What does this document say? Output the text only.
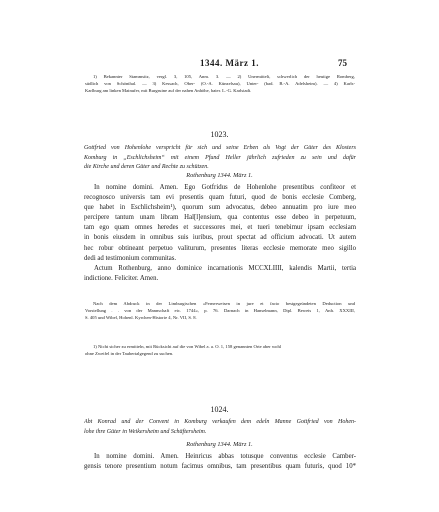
1344. März 1.	75
1) Bekannter Stammsitz, vergl. 3, 105, Anm. 3. — 2) Unermittelt, schwerlich der heutige Romberg,
südlich von Schönthal. — 3) Kessach, Ober- (O.-A. Künzelsau), Unter- (bad. B.-A. Adelsheim). — 4) Karls-
Karlburg am linken Mainufer, mit Burgruine auf der nahen Anhöhe, baier. L.-G. Karlstadt.
1023.
Gottfried von Hohenlohe verspricht für sich und seine Erben als Vogt der Güter des Klosters
Komburg in „Eschlichsheim“ mit einem Pfund Heller jährlich zufrieden zu sein und dafür
die Kirche und deren Güter und Rechte zu schützen.
Rothenburg 1344. März 1.
In nomine domini. Amen. Ego Gotfridus de Hohenlohe presentibus confiteor et
recognosco universis tam evi presentis quam futuri, quod de bonis ecclesie Comberg,
que habet in Eschlichsheim¹), quorum sum advocatus, debeo annuatim pro iure meo
percipere tantum unam libram Hal[l]ensium, qua contentus esse debeo in perpetuum,
tam ego quam omnes heredes et successores mei, et tueri tenebimur ipsam ecclesiam
in bonis eiusdem in omnibus suis iuribus, prout spectat ad officium advocati. Ut autem
hec robur obtineant perpetuo valiturum, presentes literas ecclesie memorate meo sigillo
dedi ad testimonium communitas.
Actum Rothenburg, anno dominice incarnationis MCCXLIIII, kalendis Martii, tertia
indictione. Feliciter. Amen.
Nach dem Abdruck in der Limburgischen »Fernerweisen in jure et facto bestgegründeten Deduction und
Vorstellung . . von der Mannschaft etc. 1744«, p. 76. Darnach in Hanselmann, Dipl. Beweis 1, Anh. XXXIII,
S. 405 und Wibel, Hohenl. Kyrchen-Historie 4, Nr. VII, S. 8.
1) Nicht sicher zu ermitteln, mit Rücksicht auf die von Wibel a. a. O. 1, 158 genannten Orte aber wohl
ohne Zweifel in der Taubertalgegend zu suchen.
1024.
Abt Konrad und der Convent in Komburg verkaufen dem edeln Manne Gottfried von Hohen-
lohe ihre Güter in Weikersheim und Schäftersheim.
Rothenburg 1344. März 1.
In nomine domini. Amen. Heinricus abbas totusque conventus ecclesie Camber-
gensis tenore presentium notum facimus omnibus, tam presentibus quam futuris, quod 10*
